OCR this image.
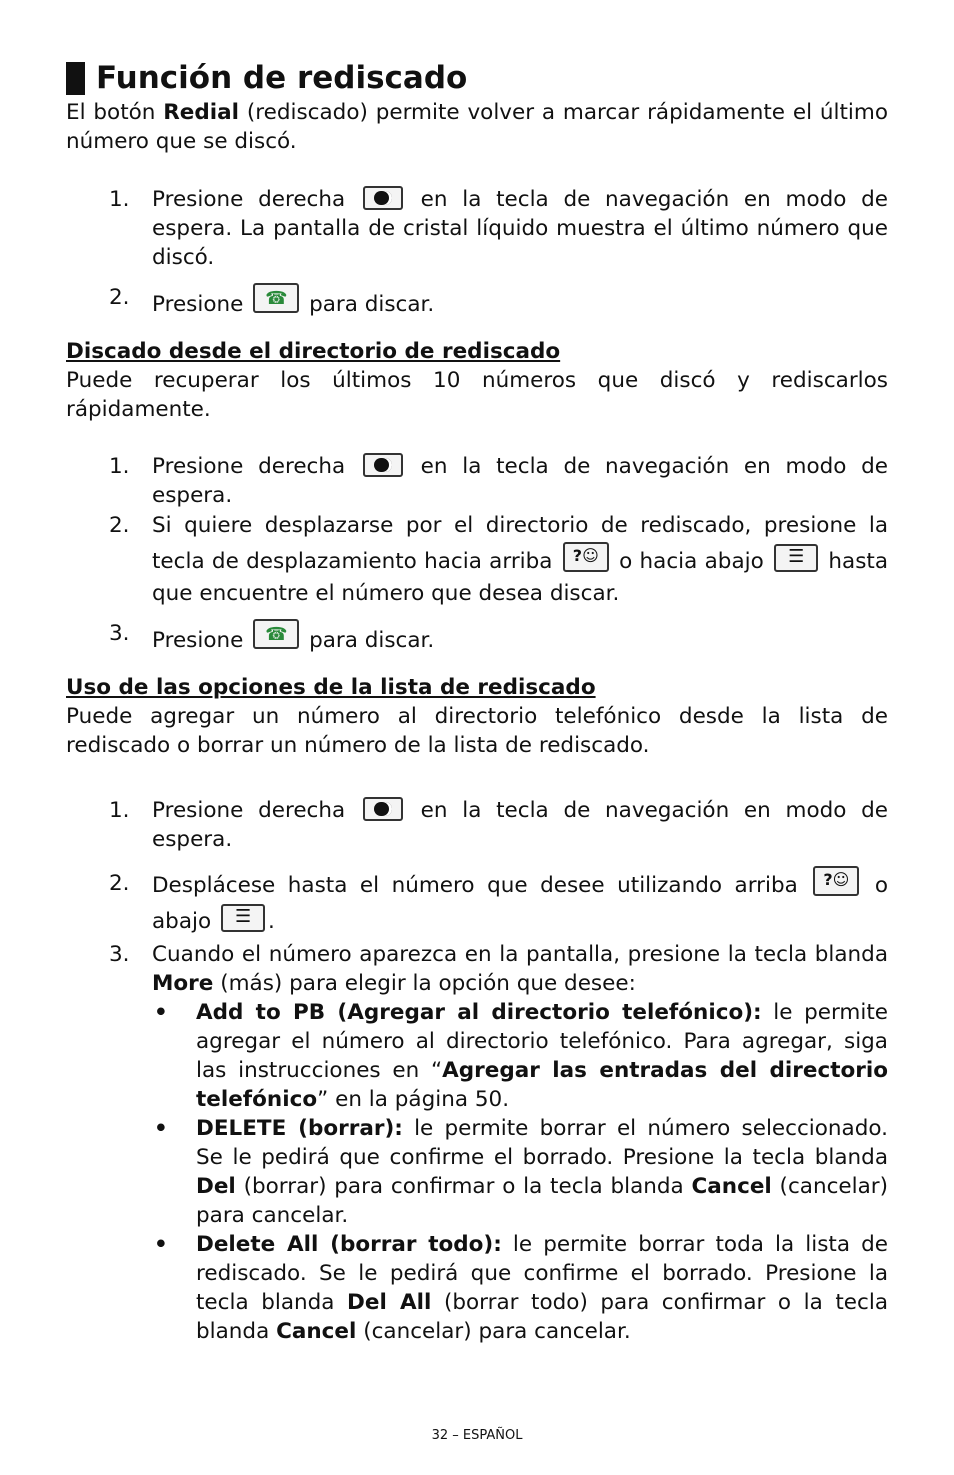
Función de rediscado

El botón Redial (rediscado) permite volver a marcar rápidamente el último número que se discó.

1. Presione derecha	en la tecla de navegación en modo de espera. La pantalla de cristal líquido muestra el último número que discó.
2. Presione ☎	para discar.

Discado desde el directorio de rediscado

Puede recuperar los últimos 10 números que discó y rediscarlos rápidamente.

1. Presione derecha	en la tecla de navegación en modo de espera.
2. Si quiere desplazarse por el directorio de rediscado, presione la tecla de desplazamiento hacia arriba ?☺	o hacia abajo ☰	hasta que encuentre el número que desea discar.
3. Presione ☎	para discar.

Uso de las opciones de la lista de rediscado

Puede agregar un número al directorio telefónico desde la lista de rediscado o borrar un número de la lista de rediscado.

1. Presione derecha	en la tecla de navegación en modo de espera.
2. Desplácese hasta el número que desee utilizando arriba ?☺	o abajo ☰	.
3. Cuando el número aparezca en la pantalla, presione la tecla blanda More (más) para elegir la opción que desee:
• Add to PB (Agregar al directorio telefónico): le permite agregar el número al directorio telefónico. Para agregar, siga las instrucciones en “Agregar las entradas del directorio telefónico” en la página 50.
• DELETE (borrar): le permite borrar el número seleccionado. Se le pedirá que confirme el borrado. Presione la tecla blanda Del (borrar) para confirmar o la tecla blanda Cancel (cancelar) para cancelar.
• Delete All (borrar todo): le permite borrar toda la lista de rediscado. Se le pedirá que confirme el borrado. Presione la tecla blanda Del All (borrar todo) para confirmar o la tecla blanda Cancel (cancelar) para cancelar.
32 – ESPAÑOL
